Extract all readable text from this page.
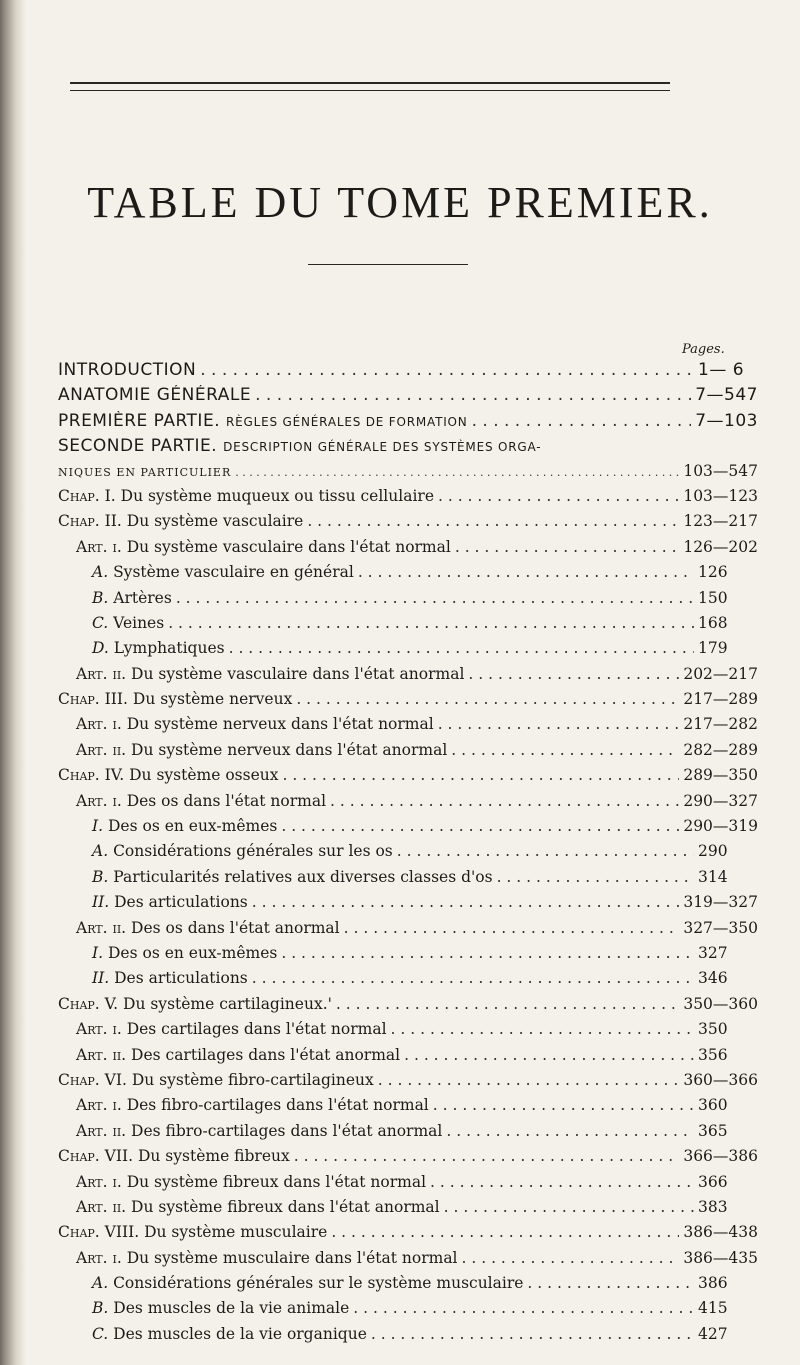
TABLE DU TOME PREMIER.
Pages.
INTRODUCTION . . .	1— 6
ANATOMIE GÉNÉRALE . . .	7—547
PREMIÈRE PARTIE. RÈGLES GÉNÉRALES DE FORMATION . . .	7—103
SECONDE PARTIE. DESCRIPTION GÉNÉRALE DES SYSTÈMES ORGA-
NIQUES EN PARTICULIER . . .	103—547
Chap. I. Du système muqueux ou tissu cellulaire . . .	103—123
Chap. II. Du système vasculaire . . .	123—217
Art. i. Du système vasculaire dans l'état normal . . .	126—202
A. Système vasculaire en général . . .	126
B. Artères . . .	150
C. Veines . . .	168
D. Lymphatiques . . .	179
Art. ii. Du système vasculaire dans l'état anormal . . .	202—217
Chap. III. Du système nerveux . . .	217—289
Art. i. Du système nerveux dans l'état normal . . .	217—282
Art. ii. Du système nerveux dans l'état anormal . . .	282—289
Chap. IV. Du système osseux . . .	289—350
Art. i. Des os dans l'état normal . . .	290—327
I. Des os en eux-mêmes . . .	290—319
A. Considérations générales sur les os . . .	290
B. Particularités relatives aux diverses classes d'os . . .	314
II. Des articulations . . .	319—327
Art. ii. Des os dans l'état anormal . . .	327—350
I. Des os en eux-mêmes . . .	327
II. Des articulations . . .	346
Chap. V. Du système cartilagineux.' . . .	350—360
Art. i. Des cartilages dans l'état normal . . .	350
Art. ii. Des cartilages dans l'état anormal . . .	356
Chap. VI. Du système fibro-cartilagineux . . .	360—366
Art. i. Des fibro-cartilages dans l'état normal . . .	360
Art. ii. Des fibro-cartilages dans l'état anormal . . .	365
Chap. VII. Du système fibreux . . .	366—386
Art. i. Du système fibreux dans l'état normal . . .	366
Art. ii. Du système fibreux dans l'état anormal . . .	383
Chap. VIII. Du système musculaire . . .	386—438
Art. i. Du système musculaire dans l'état normal . . .	386—435
A. Considérations générales sur le système musculaire . . .	386
B. Des muscles de la vie animale . . .	415
C. Des muscles de la vie organique . . .	427
